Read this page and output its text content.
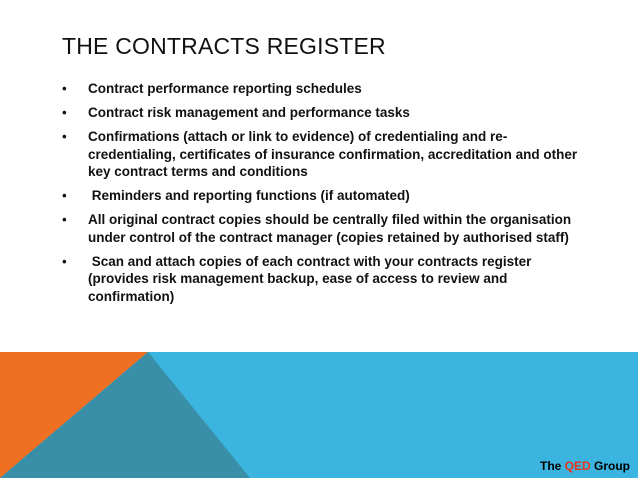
THE CONTRACTS REGISTER
• Contract performance reporting schedules
• Contract risk management and performance tasks
• Confirmations (attach or link to evidence) of credentialing and re-credentialing, certificates of insurance confirmation, accreditation and other key contract terms and conditions
• Reminders and reporting functions (if automated)
• All original contract copies should be centrally filed within the organisation under control of the contract manager (copies retained by authorised staff)
• Scan and attach copies of each contract with your contracts register (provides risk management backup, ease of access to review and confirmation)
The QED Group
